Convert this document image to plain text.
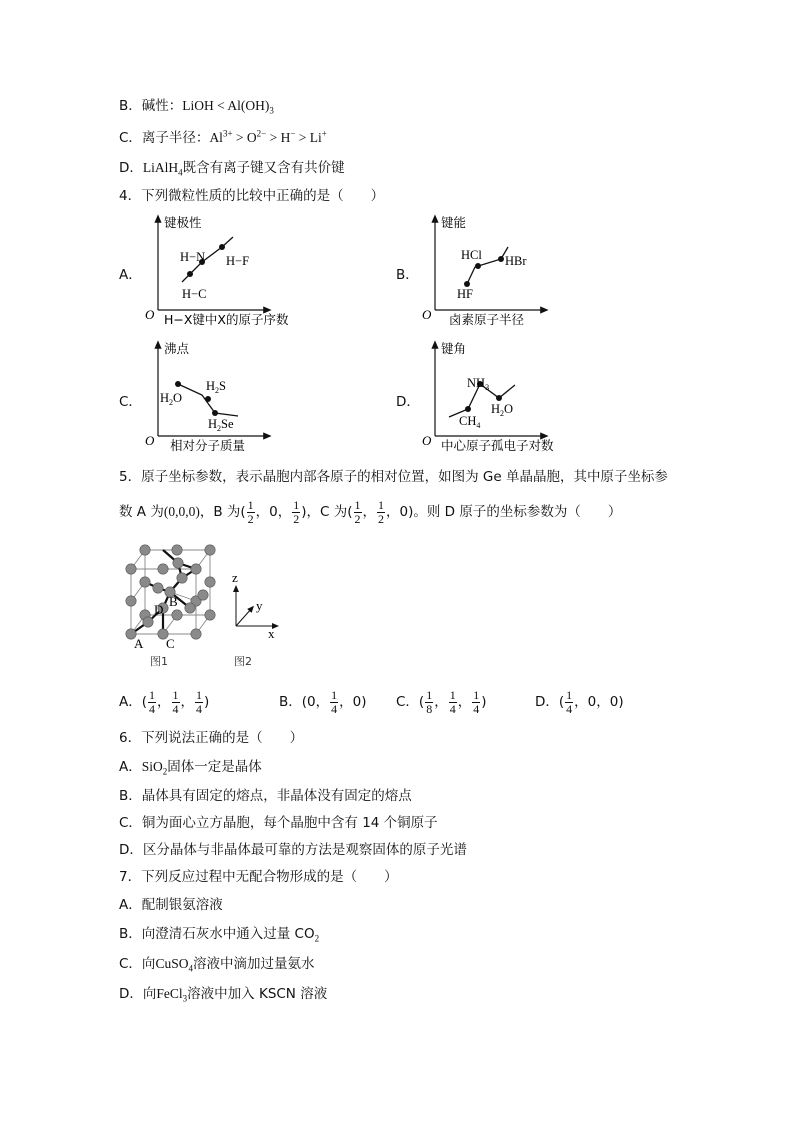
B．碱性：LiOH < $Al(OH)_3$
C．离子半径：$Al^{3+} > O^{2-} > H^- > Li^+$
D．LiAlH$_4$既含有离子键又含有共价键
4．下列微粒性质的比较中正确的是（　　）
A．	B．
C．	D．
键极性
H−X键中X的原子序数
O
H−C
H−N H−F
键能
卤素原子半径
O
HF
HCl HBr
沸点
相对分子质量
O
$H_2O$
$H_2S$
$H_2Se$
键角
中心原子孤电子对数
O
$CH_4$
$NH_3$
$H_2O$
5．原子坐标参数，表示晶胞内部各原子的相对位置，如图为 Ge 单晶晶胞，其中原子坐标参
数 A 为(0,0,0)，B 为( $\frac{1}{2}$ ，0， $\frac{1}{2}$ )，C 为( $\frac{1}{2}$ ， $\frac{1}{2}$ ，0)。则 D 原子的坐标参数为（　　）
A C
B
D
图1
z
y
x
图2
A．( $\frac{1}{4}$ ， $\frac{1}{4}$ ， $\frac{1}{4}$ )	B．(0， $\frac{1}{4}$ ，0) C．( $\frac{1}{8}$ ， $\frac{1}{4}$ ， $\frac{1}{4}$ )	D．( $\frac{1}{4}$ ，0，0)
6．下列说法正确的是（　　）
A．SiO$_2$固体一定是晶体
B．晶体具有固定的熔点，非晶体没有固定的熔点
C．铜为面心立方晶胞，每个晶胞中含有 14 个铜原子
D．区分晶体与非晶体最可靠的方法是观察固体的原子光谱
7．下列反应过程中无配合物形成的是（　　）
A．配制银氨溶液
B．向澄清石灰水中通入过量 $CO_2$
C．向CuSO$_4$溶液中滴加过量氨水
D．向FeCl$_3$溶液中加入 KSCN 溶液
